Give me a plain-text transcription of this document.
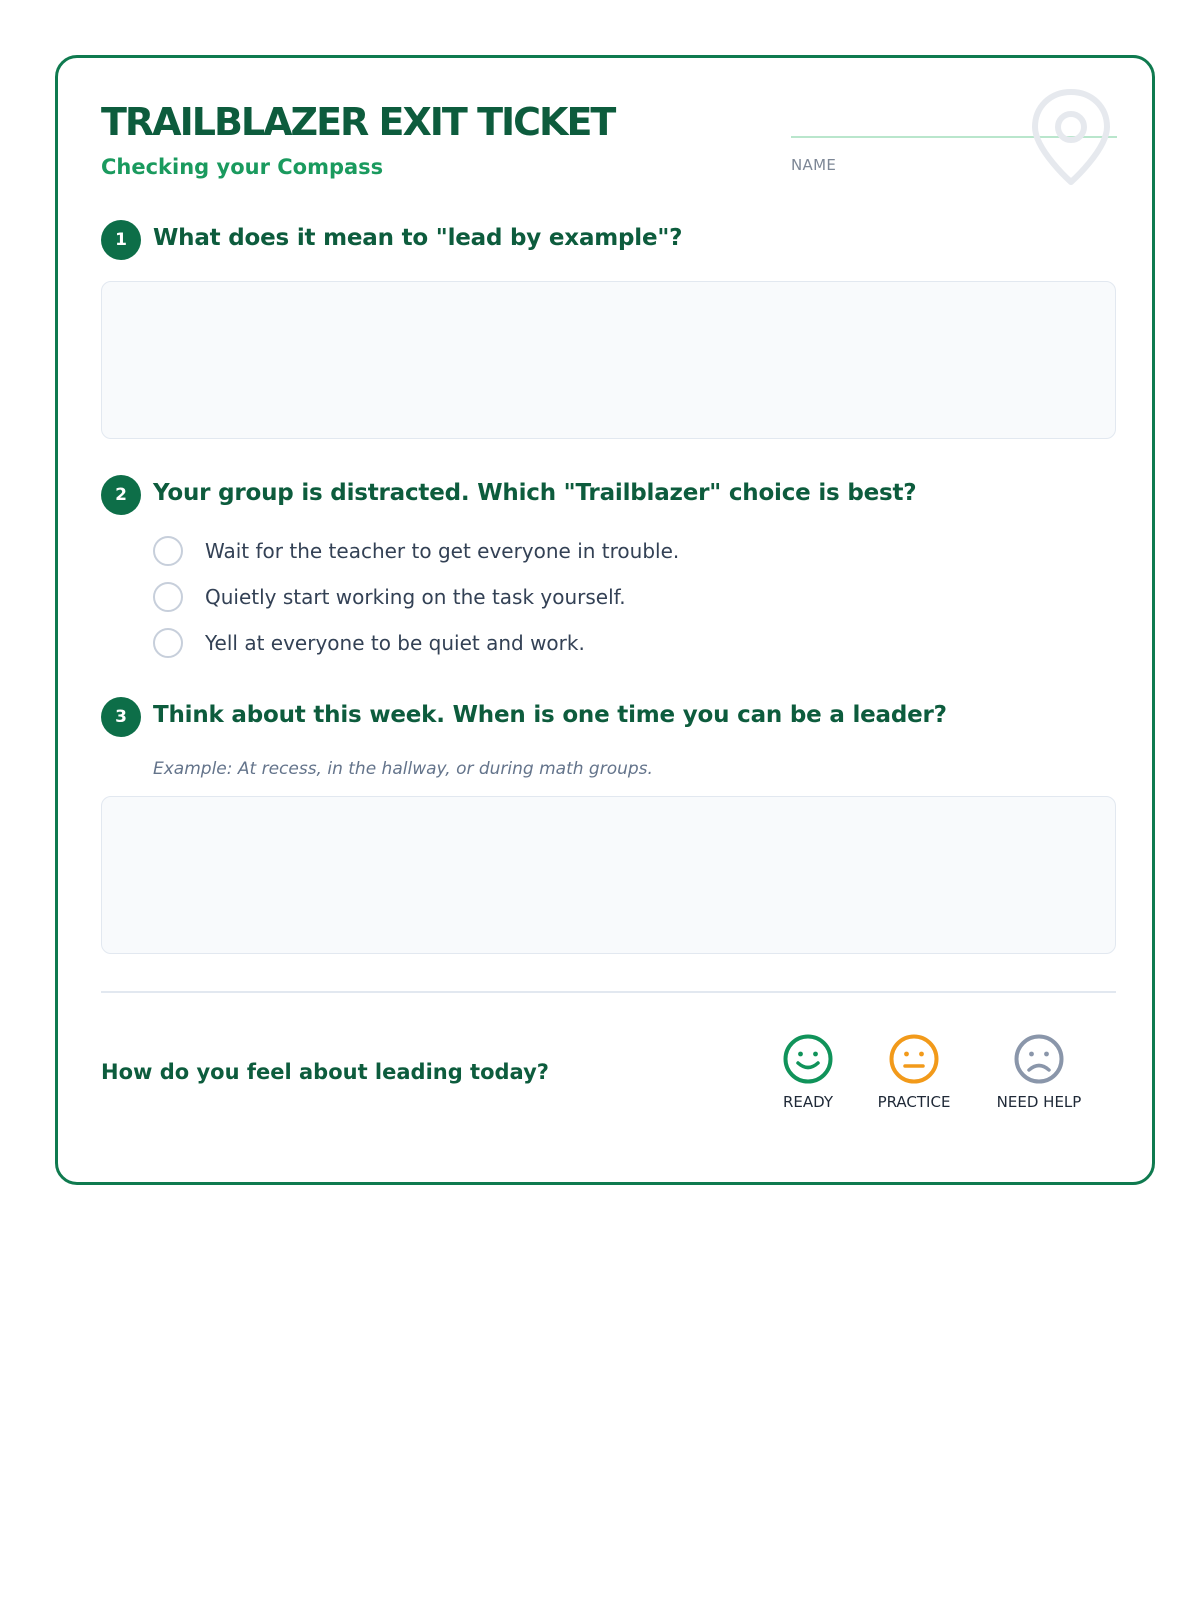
TRAILBLAZER EXIT TICKET
Checking your Compass	NAME
1	What does it mean to "lead by example"?
2	Your group is distracted. Which "Trailblazer" choice is best?
Wait for the teacher to get everyone in trouble.
Quietly start working on the task yourself.
Yell at everyone to be quiet and work.
3	Think about this week. When is one time you can be a leader?
Example: At recess, in the hallway, or during math groups.
How do you feel about leading today?
READY	PRACTICE	NEED HELP
